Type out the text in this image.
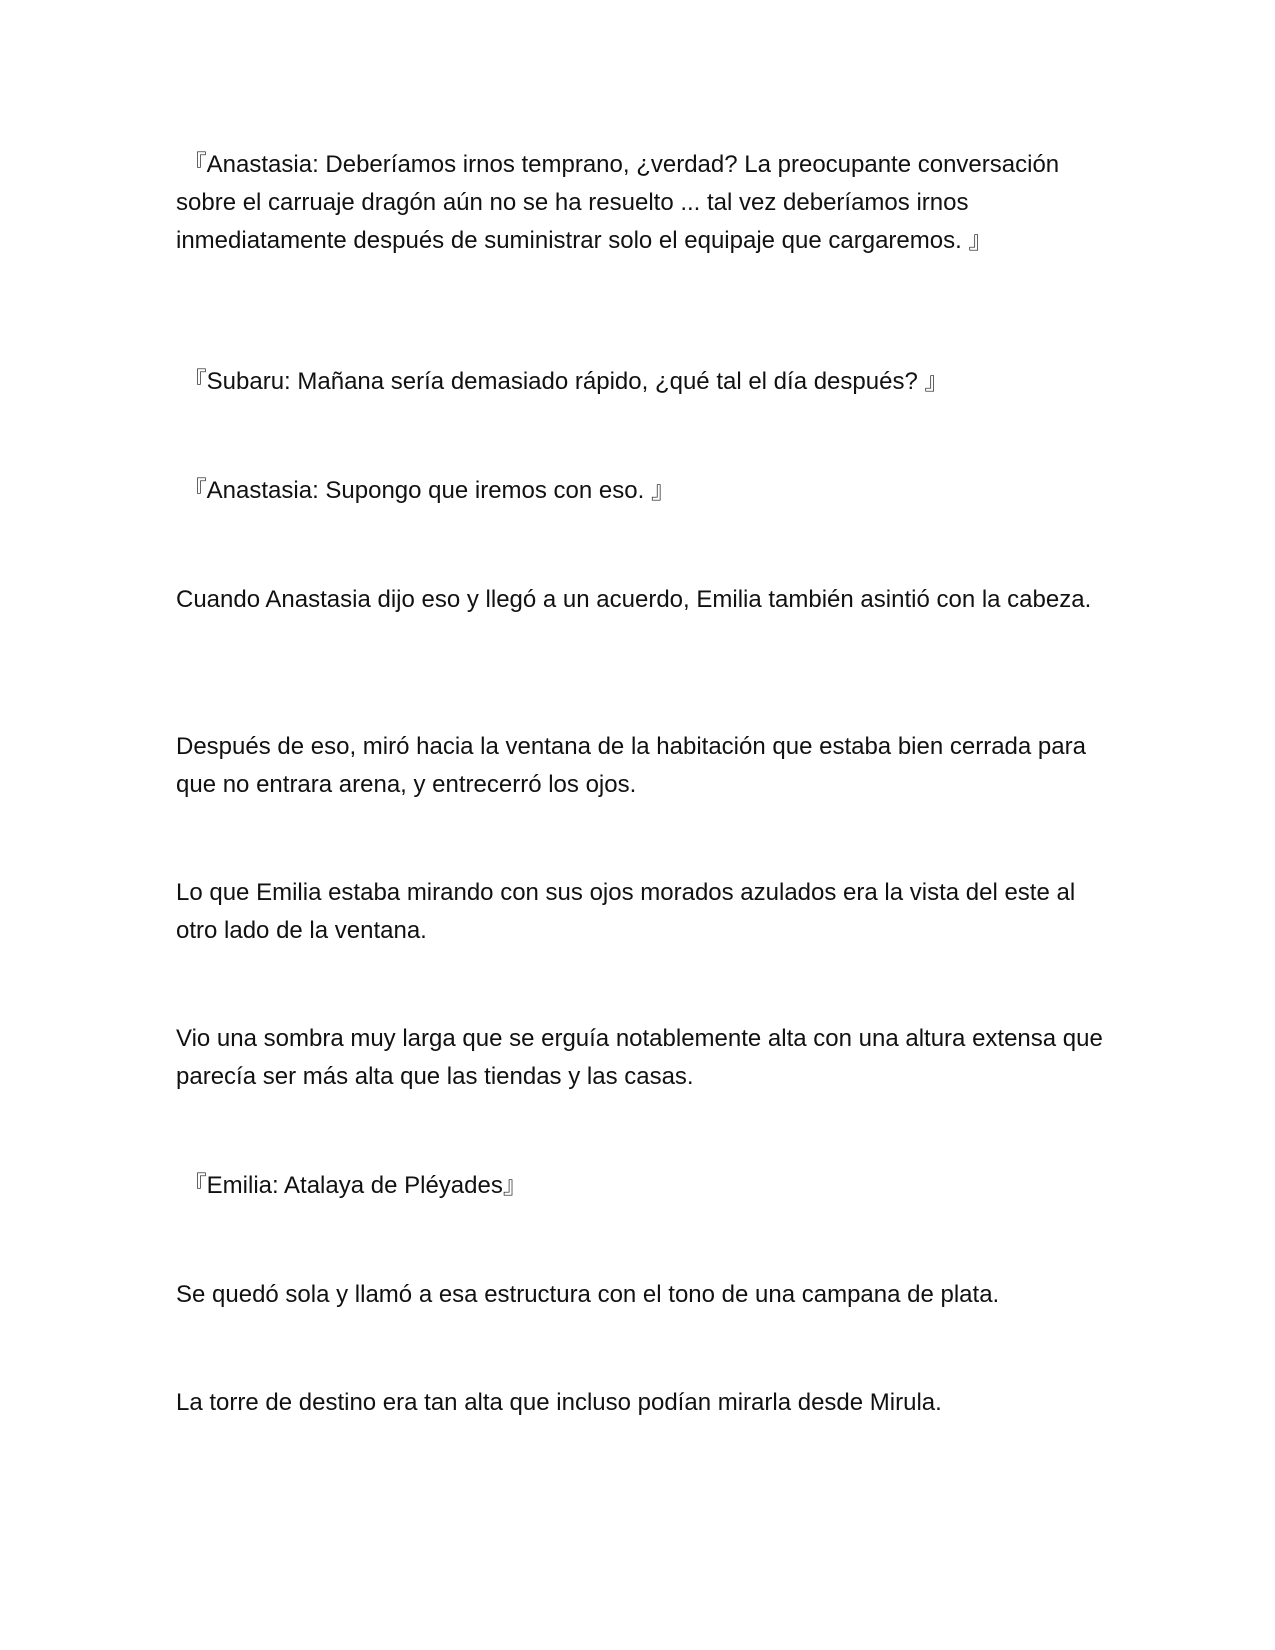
『Anastasia: Deberíamos irnos temprano, ¿verdad? La preocupante conversación sobre el carruaje dragón aún no se ha resuelto ... tal vez deberíamos irnos inmediatamente después de suministrar solo el equipaje que cargaremos. 』

『Subaru: Mañana sería demasiado rápido, ¿qué tal el día después? 』

『Anastasia: Supongo que iremos con eso. 』

Cuando Anastasia dijo eso y llegó a un acuerdo, Emilia también asintió con la cabeza.

Después de eso, miró hacia la ventana de la habitación que estaba bien cerrada para que no entrara arena, y entrecerró los ojos.

Lo que Emilia estaba mirando con sus ojos morados azulados era la vista del este al otro lado de la ventana.

Vio una sombra muy larga que se erguía notablemente alta con una altura extensa que parecía ser más alta que las tiendas y las casas.

『Emilia: Atalaya de Pléyades』

Se quedó sola y llamó a esa estructura con el tono de una campana de plata.

La torre de destino era tan alta que incluso podían mirarla desde Mirula.
